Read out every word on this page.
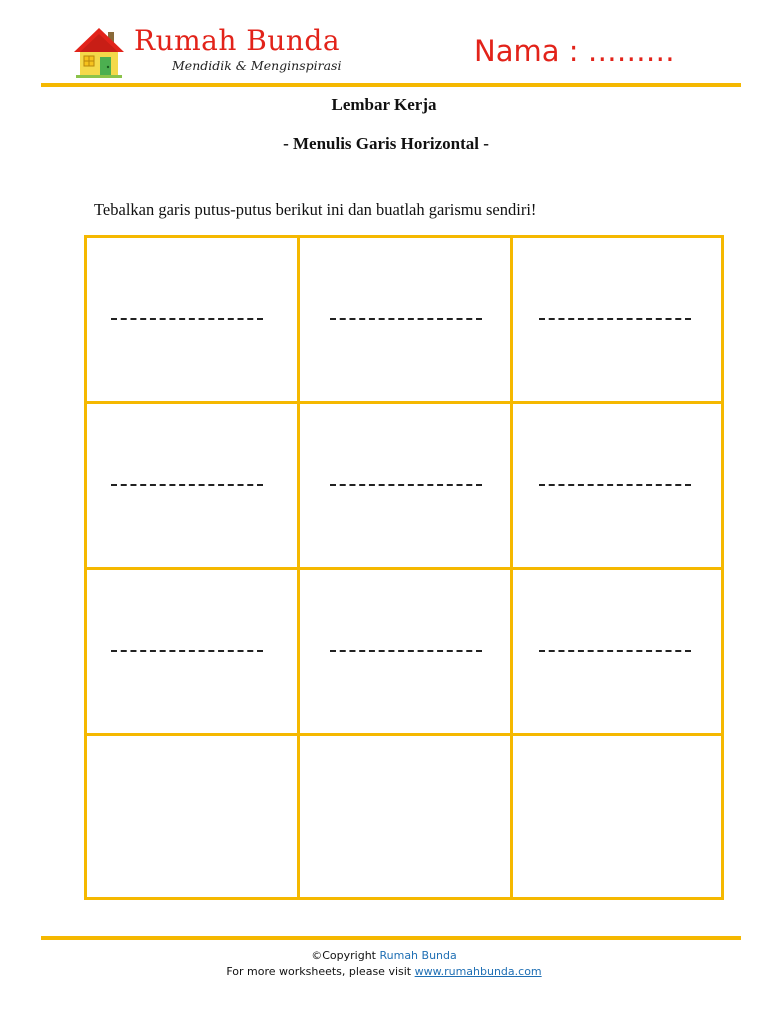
Rumah Bunda
Mendidik & Menginspirasi	Nama : ………
Lembar Kerja
- Menulis Garis Horizontal -
Tebalkan garis putus-putus berikut ini dan buatlah garismu sendiri!
©Copyright Rumah Bunda
For more worksheets, please visit www.rumahbunda.com
